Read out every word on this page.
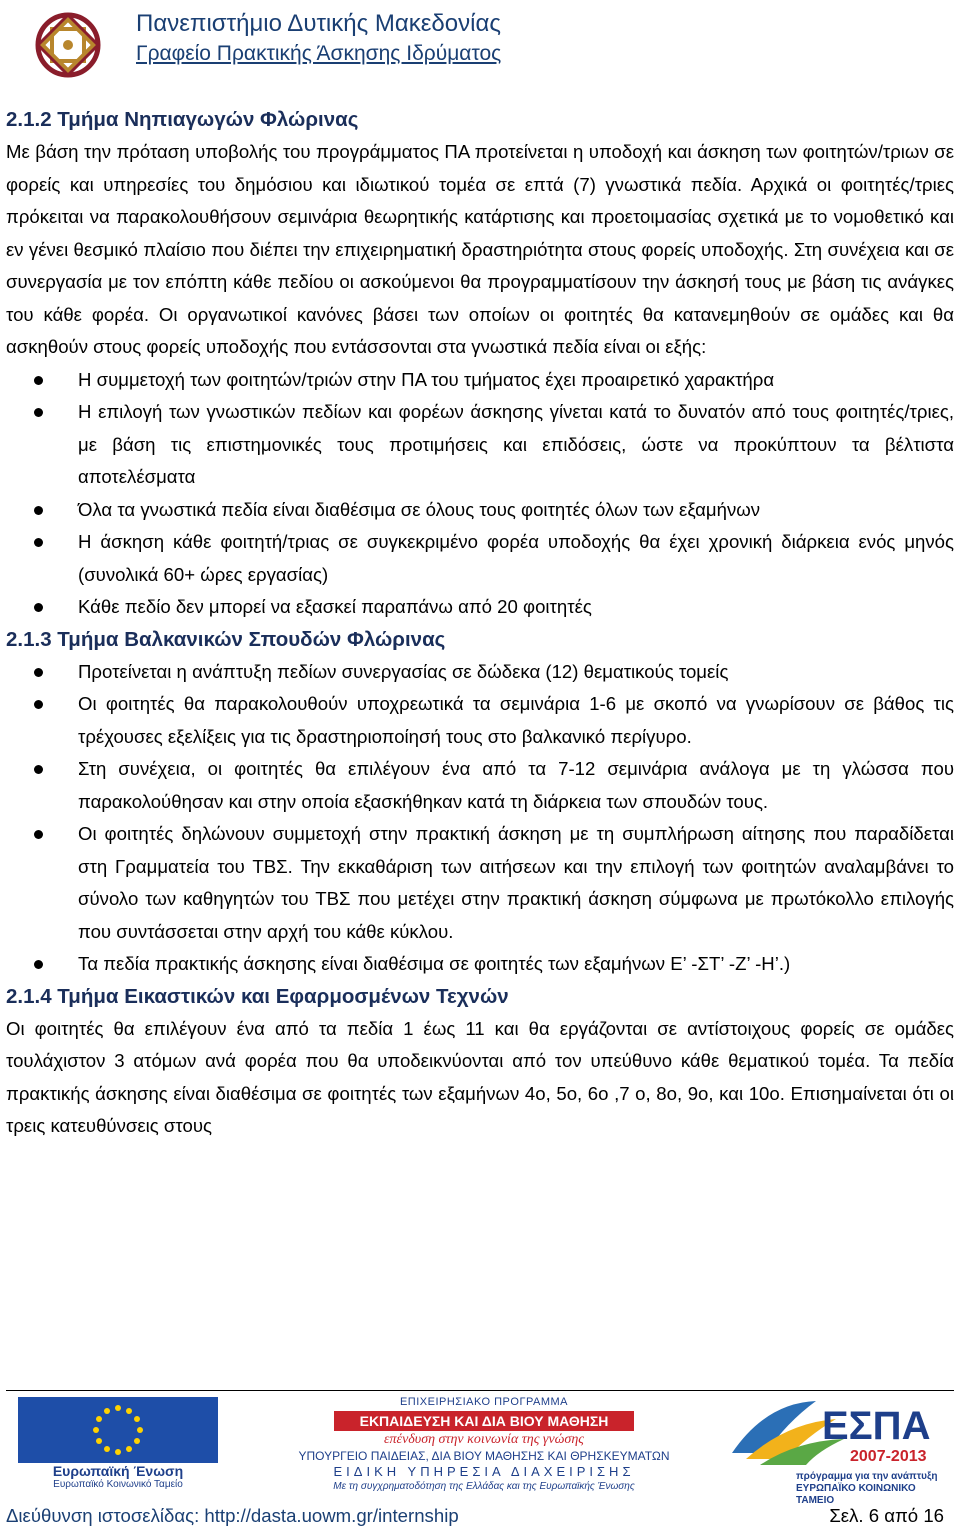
Πανεπιστήμιο Δυτικής Μακεδονίας
Γραφείο Πρακτικής Άσκησης Ιδρύματος
2.1.2 Τμήμα Νηπιαγωγών Φλώρινας

Με βάση την πρόταση υποβολής του προγράμματος ΠΑ προτείνεται η υποδοχή και άσκηση των φοιτητών/τριων σε φορείς και υπηρεσίες του δημόσιου και ιδιωτικού τομέα σε επτά (7) γνωστικά πεδία. Αρχικά οι φοιτητές/τριες πρόκειται να παρακολουθήσουν σεμινάρια θεωρητικής κατάρτισης και προετοιμασίας σχετικά με το νομοθετικό και εν γένει θεσμικό πλαίσιο που διέπει την επιχειρηματική δραστηριότητα στους φορείς υποδοχής. Στη συνέχεια και σε συνεργασία με τον επόπτη κάθε πεδίου οι ασκούμενοι θα προγραμματίσουν την άσκησή τους με βάση τις ανάγκες του κάθε φορέα. Οι οργανωτικοί κανόνες βάσει των οποίων οι φοιτητές θα κατανεμηθούν σε ομάδες και θα ασκηθούν στους φορείς υποδοχής που εντάσσονται στα γνωστικά πεδία είναι οι εξής:

Η συμμετοχή των φοιτητών/τριών στην ΠΑ του τμήματος έχει προαιρετικό χαρακτήρα
Η επιλογή των γνωστικών πεδίων και φορέων άσκησης γίνεται κατά το δυνατόν από τους φοιτητές/τριες, με βάση τις επιστημονικές τους προτιμήσεις και επιδόσεις, ώστε να προκύπτουν τα βέλτιστα αποτελέσματα
Όλα τα γνωστικά πεδία είναι διαθέσιμα σε όλους τους φοιτητές όλων των εξαμήνων
Η άσκηση κάθε φοιτητή/τριας σε συγκεκριμένο φορέα υποδοχής θα έχει χρονική διάρκεια ενός μηνός (συνολικά 60+ ώρες εργασίας)
Κάθε πεδίο δεν μπορεί να εξασκεί παραπάνω από 20 φοιτητές
2.1.3 Τμήμα Βαλκανικών Σπουδών Φλώρινας
Προτείνεται η ανάπτυξη πεδίων συνεργασίας σε δώδεκα (12) θεματικούς τομείς
Οι φοιτητές θα παρακολουθούν υποχρεωτικά τα σεμινάρια 1-6 με σκοπό να γνωρίσουν σε βάθος τις τρέχουσες εξελίξεις για τις δραστηριοποίησή τους στο βαλκανικό περίγυρο.
Στη συνέχεια, οι φοιτητές θα επιλέγουν ένα από τα 7-12 σεμινάρια ανάλογα με τη γλώσσα που παρακολούθησαν και στην οποία εξασκήθηκαν κατά τη διάρκεια των σπουδών τους.
Οι φοιτητές δηλώνουν συμμετοχή στην πρακτική άσκηση με τη συμπλήρωση αίτησης που παραδίδεται στη Γραμματεία του ΤΒΣ. Την εκκαθάριση των αιτήσεων και την επιλογή των φοιτητών αναλαμβάνει το σύνολο των καθηγητών του ΤΒΣ που μετέχει στην πρακτική άσκηση σύμφωνα με πρωτόκολλο επιλογής που συντάσσεται στην αρχή του κάθε κύκλου.
Τα πεδία πρακτικής άσκησης είναι διαθέσιμα σε φοιτητές των εξαμήνων Ε’ -ΣΤ’ -Ζ’ -Η’.)
2.1.4 Τμήμα Εικαστικών και Εφαρμοσμένων Τεχνών

Οι φοιτητές θα επιλέγουν ένα από τα πεδία 1 έως 11 και θα εργάζονται σε αντίστοιχους φορείς σε ομάδες τουλάχιστον 3 ατόμων ανά φορέα που θα υποδεικνύονται από τον υπεύθυνο κάθε θεματικού τομέα. Τα πεδία πρακτικής άσκησης είναι διαθέσιμα σε φοιτητές των εξαμήνων 4ο, 5ο, 6ο ,7 ο, 8ο, 9ο, και 10ο. Επισημαίνεται ότι οι τρεις κατευθύνσεις στους

Ευρωπαϊκή Ένωση
Ευρωπαϊκό Κοινωνικό Ταμείο
ΕΠΙΧΕΙΡΗΣΙΑΚΟ ΠΡΟΓΡΑΜΜΑ
ΕΚΠΑΙΔΕΥΣΗ ΚΑΙ ΔΙΑ ΒΙΟΥ ΜΑΘΗΣΗ
επένδυση στην κοινωνία της γνώσης
ΥΠΟΥΡΓΕΙΟ ΠΑΙΔΕΙΑΣ, ΔΙΑ ΒΙΟΥ ΜΑΘΗΣΗΣ ΚΑΙ ΘΡΗΣΚΕΥΜΑΤΩΝ
ΕΙΔΙΚΗ ΥΠΗΡΕΣΙΑ ΔΙΑΧΕΙΡΙΣΗΣ
Με τη συγχρηματοδότηση της Ελλάδας και της Ευρωπαϊκής Ένωσης
ΕΣΠΑ
2007-2013
πρόγραμμα για την ανάπτυξη ΕΥΡΩΠΑΪΚΟ ΚΟΙΝΩΝΙΚΟ ΤΑΜΕΙΟ
Διεύθυνση ιστοσελίδας: http://dasta.uowm.gr/internship	Σελ. 6 από 16
